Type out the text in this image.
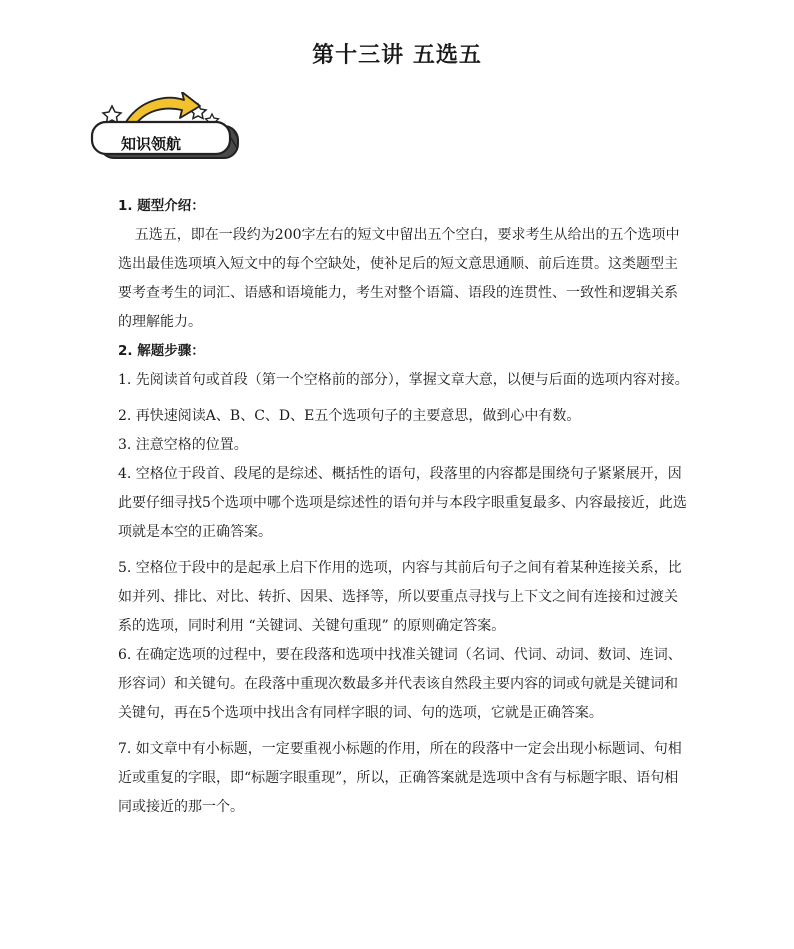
第十三讲 五选五
知识领航

1. 题型介绍：

五选五，即在一段约为200字左右的短文中留出五个空白，要求考生从给出的五个选项中选出最佳选项填入短文中的每个空缺处，使补足后的短文意思通顺、前后连贯。这类题型主要考查考生的词汇、语感和语境能力，考生对整个语篇、语段的连贯性、一致性和逻辑关系的理解能力。

2. 解题步骤：

1. 先阅读首句或首段（第一个空格前的部分），掌握文章大意，以便与后面的选项内容对接。

2. 再快速阅读A、B、C、D、E五个选项句子的主要意思，做到心中有数。

3. 注意空格的位置。

4. 空格位于段首、段尾的是综述、概括性的语句，段落里的内容都是围绕句子紧紧展开，因此要仔细寻找5个选项中哪个选项是综述性的语句并与本段字眼重复最多、内容最接近，此选项就是本空的正确答案。

5. 空格位于段中的是起承上启下作用的选项，内容与其前后句子之间有着某种连接关系，比如并列、排比、对比、转折、因果、选择等，所以要重点寻找与上下文之间有连接和过渡关系的选项，同时利用 “关键词、关键句重现” 的原则确定答案。

6. 在确定选项的过程中，要在段落和选项中找准关键词（名词、代词、动词、数词、连词、形容词）和关键句。在段落中重现次数最多并代表该自然段主要内容的词或句就是关键词和关键句，再在5个选项中找出含有同样字眼的词、句的选项，它就是正确答案。

7. 如文章中有小标题，一定要重视小标题的作用，所在的段落中一定会出现小标题词、句相近或重复的字眼，即“标题字眼重现”，所以，正确答案就是选项中含有与标题字眼、语句相同或接近的那一个。
